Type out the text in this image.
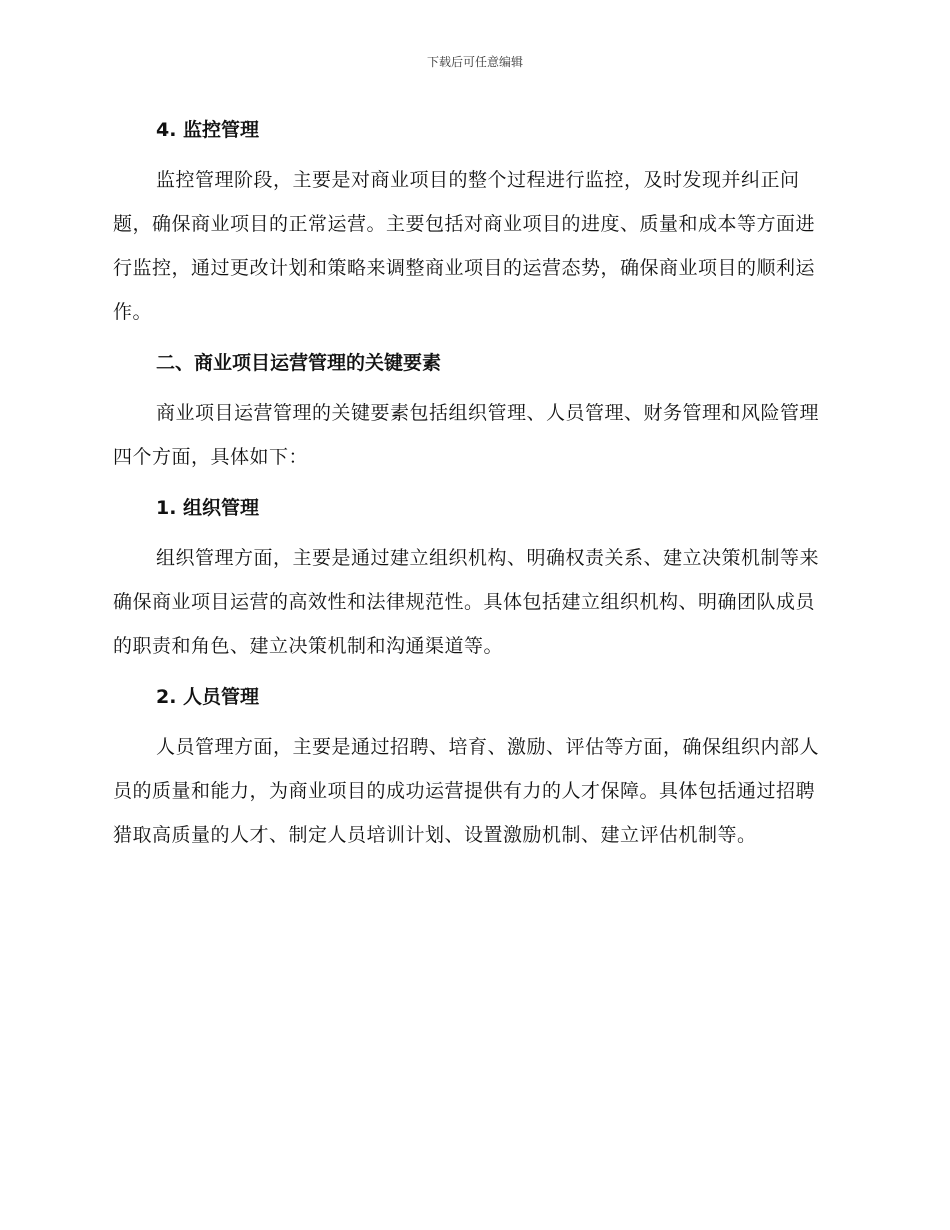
下载后可任意编辑
4. 监控管理

监控管理阶段，主要是对商业项目的整个过程进行监控，及时发现并纠正问题，确保商业项目的正常运营。主要包括对商业项目的进度、质量和成本等方面进行监控，通过更改计划和策略来调整商业项目的运营态势，确保商业项目的顺利运作。

二、商业项目运营管理的关键要素

商业项目运营管理的关键要素包括组织管理、人员管理、财务管理和风险管理四个方面，具体如下：

1. 组织管理

组织管理方面，主要是通过建立组织机构、明确权责关系、建立决策机制等来确保商业项目运营的高效性和法律规范性。具体包括建立组织机构、明确团队成员的职责和角色、建立决策机制和沟通渠道等。

2. 人员管理

人员管理方面，主要是通过招聘、培育、激励、评估等方面，确保组织内部人员的质量和能力，为商业项目的成功运营提供有力的人才保障。具体包括通过招聘猎取高质量的人才、制定人员培训计划、设置激励机制、建立评估机制等。
